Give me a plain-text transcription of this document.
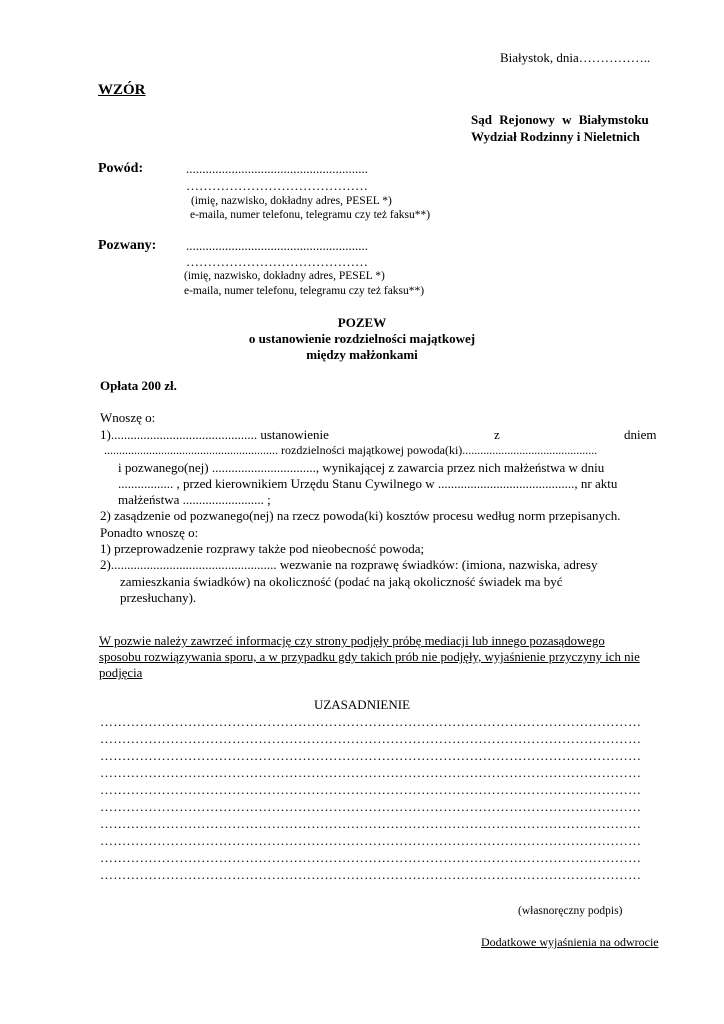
Białystok, dnia……………..
WZÓR
Sąd Rejonowy w Białymstoku
Wydział Rodzinny i Nieletnich
Powód:	........................................................
……………………………………
(imię, nazwisko, dokładny adres, PESEL *)
e-maila, numer telefonu, telegramu czy też faksu**)
Pozwany: ........................................................
……………………………………
(imię, nazwisko, dokładny adres, PESEL *)
e-maila, numer telefonu, telegramu czy też faksu**)
POZEW
o ustanowienie rozdzielności majątkowej
między małżonkami
Opłata 200 zł.
Wnoszę o:
1)............................................. ustanowienie	z	dniem
.......................................................... rozdzielności majątkowej powoda(ki).............................................
i pozwanego(nej) ................................, wynikającej z zawarcia przez nich małżeństwa w dniu
................. , przed kierownikiem Urzędu Stanu Cywilnego w .........................................., nr aktu
małżeństwa ......................... ;
2) zasądzenie od pozwanego(nej) na rzecz powoda(ki) kosztów procesu według norm przepisanych.
Ponadto wnoszę o:
1) przeprowadzenie rozprawy także pod nieobecność powoda;
2)................................................... wezwanie na rozprawę świadków: (imiona, nazwiska, adresy
zamieszkania świadków) na okoliczność (podać na jaką okoliczność świadek ma być
przesłuchany).
W pozwie należy zawrzeć informację czy strony podjęły próbę mediacji lub innego pozasądowego
sposobu rozwiązywania sporu, a w przypadku gdy takich prób nie podjęły, wyjaśnienie przyczyny ich nie
podjęcia
UZASADNIENIE
……………………………………………………………………………………………………………
……………………………………………………………………………………………………………
……………………………………………………………………………………………………………
……………………………………………………………………………………………………………
……………………………………………………………………………………………………………
……………………………………………………………………………………………………………
……………………………………………………………………………………………………………
……………………………………………………………………………………………………………
……………………………………………………………………………………………………………
……………………………………………………………………………………………………………
(własnoręczny podpis)
Dodatkowe wyjaśnienia na odwrocie
